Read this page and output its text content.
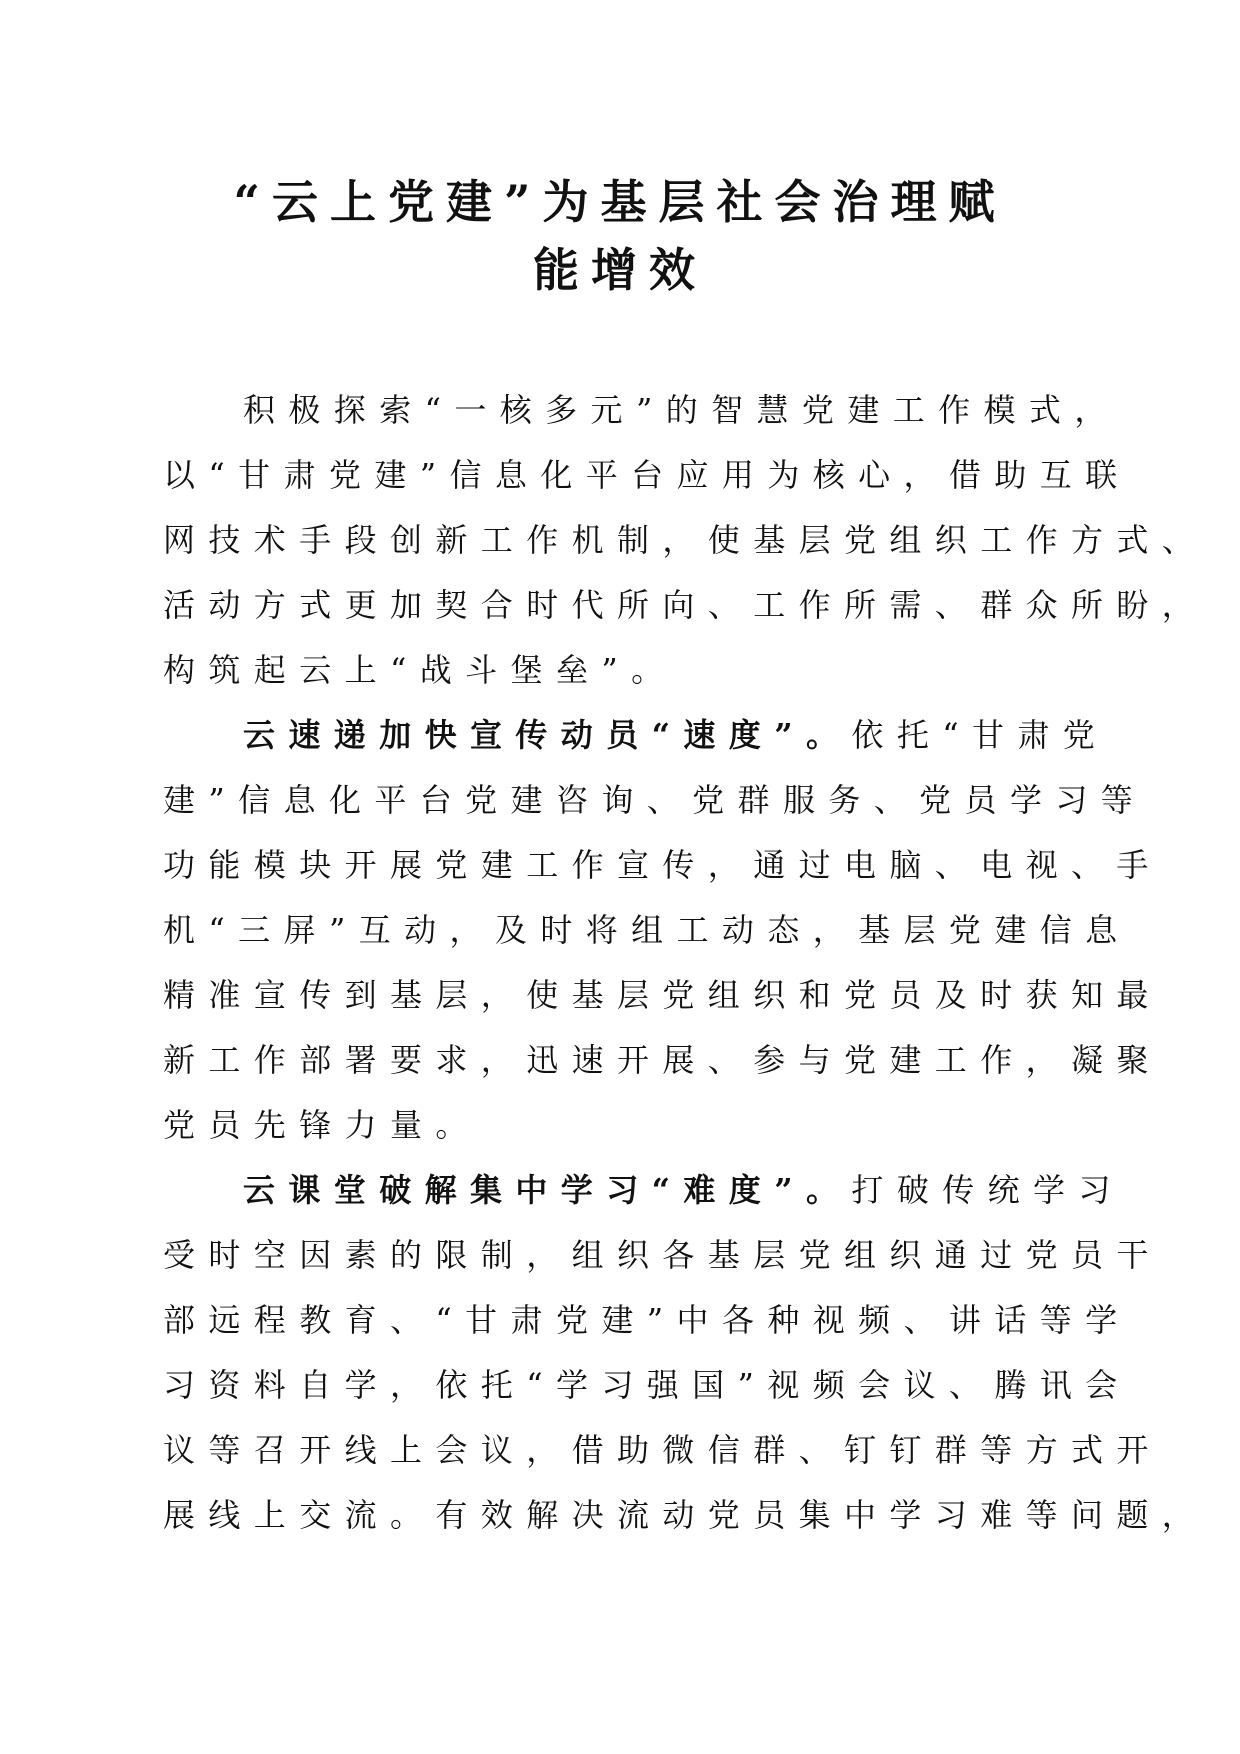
“云上党建”为基层社会治理赋
能增效
积极探索“一核多元”的智慧党建工作模式，
以“甘肃党建”信息化平台应用为核心，借助互联
网技术手段创新工作机制，使基层党组织工作方式、
活动方式更加契合时代所向、工作所需、群众所盼，
构筑起云上“战斗堡垒”。
云速递加快宣传动员“速度”。依托“甘肃党
建”信息化平台党建咨询、党群服务、党员学习等
功能模块开展党建工作宣传，通过电脑、电视、手
机“三屏”互动，及时将组工动态，基层党建信息
精准宣传到基层，使基层党组织和党员及时获知最
新工作部署要求，迅速开展、参与党建工作，凝聚
党员先锋力量。
云课堂破解集中学习“难度”。打破传统学习
受时空因素的限制，组织各基层党组织通过党员干
部远程教育、“甘肃党建”中各种视频、讲话等学
习资料自学，依托“学习强国”视频会议、腾讯会
议等召开线上会议，借助微信群、钉钉群等方式开
展线上交流。有效解决流动党员集中学习难等问题，
